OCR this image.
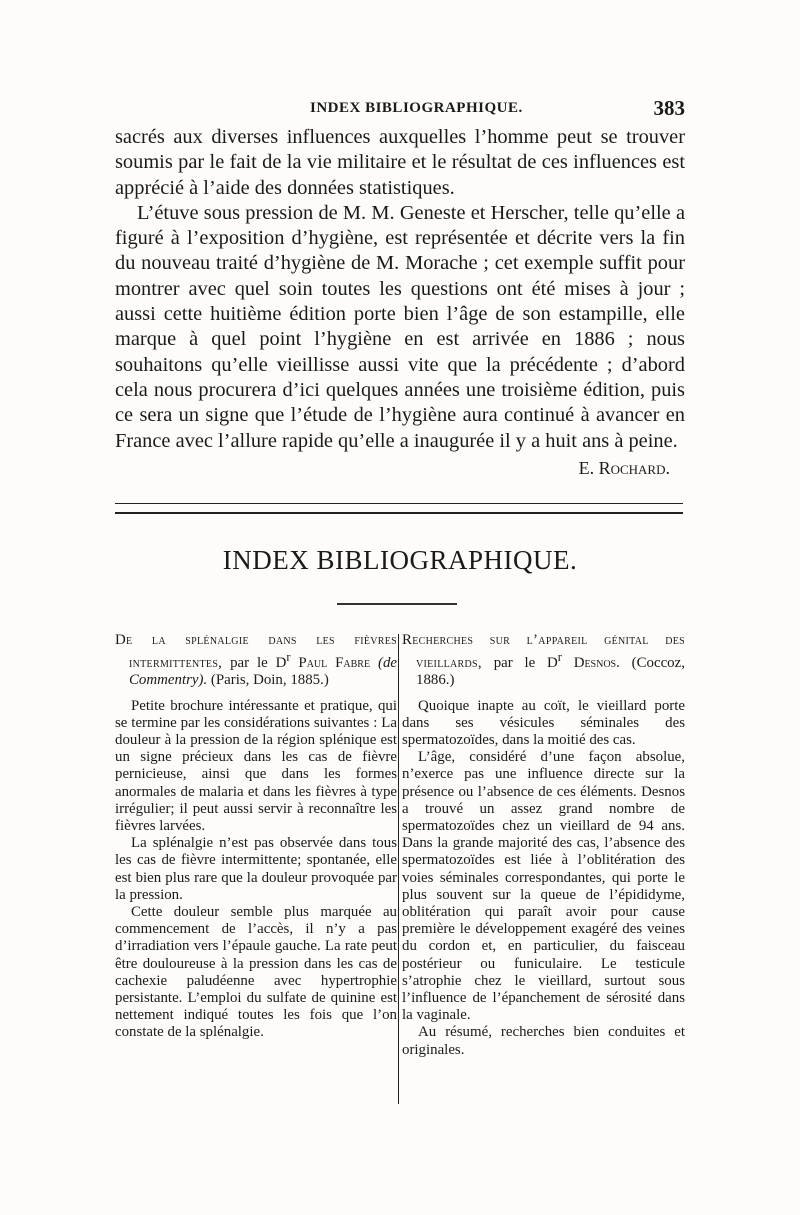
INDEX BIBLIOGRAPHIQUE.	383

sacrés aux diverses influences auxquelles l’homme peut se trouver soumis par le fait de la vie militaire et le résultat de ces influences est apprécié à l’aide des données statistiques.

L’étuve sous pression de M. M. Geneste et Herscher, telle qu’elle a figuré à l’exposition d’hygiène, est représentée et décrite vers la fin du nouveau traité d’hygiène de M. Morache ; cet exemple suffit pour montrer avec quel soin toutes les questions ont été mises à jour ; aussi cette huitième édition porte bien l’âge de son estampille, elle marque à quel point l’hygiène en est arrivée en 1886 ; nous souhaitons qu’elle vieillisse aussi vite que la précédente ; d’abord cela nous procurera d’ici quelques années une troisième édition, puis ce sera un signe que l’étude de l’hygiène aura continué à avancer en France avec l’allure rapide qu’elle a inaugurée il y a huit ans à peine.

E. Rochard.
INDEX BIBLIOGRAPHIQUE.

De la splénalgie dans les fièvres intermittentes, par le $D^r$ Paul Fabre (de Commentry). (Paris, Doin, 1885.)

Petite brochure intéressante et pratique, qui se termine par les considérations suivantes : La douleur à la pression de la région splénique est un signe précieux dans les cas de fièvre pernicieuse, ainsi que dans les formes anormales de malaria et dans les fièvres à type irrégulier; il peut aussi servir à reconnaître les fièvres larvées.

La splénalgie n’est pas observée dans tous les cas de fièvre intermittente; spontanée, elle est bien plus rare que la douleur provoquée par la pression.

Cette douleur semble plus marquée au commencement de l’accès, il n’y a pas d’irradiation vers l’épaule gauche. La rate peut être douloureuse à la pression dans les cas de cachexie paludéenne avec hypertrophie persistante. L’emploi du sulfate de quinine est nettement indiqué toutes les fois que l’on constate de la splénalgie.

Recherches sur l’appareil génital des vieillards, par le $D^r$ Desnos. (Coccoz, 1886.)

Quoique inapte au coït, le vieillard porte dans ses vésicules séminales des spermatozoïdes, dans la moitié des cas.

L’âge, considéré d’une façon absolue, n’exerce pas une influence directe sur la présence ou l’absence de ces éléments. Desnos a trouvé un assez grand nombre de spermatozoïdes chez un vieillard de 94 ans. Dans la grande majorité des cas, l’absence des spermatozoïdes est liée à l’oblitération des voies séminales correspondantes, qui porte le plus souvent sur la queue de l’épididyme, oblitération qui paraît avoir pour cause première le développement exagéré des veines du cordon et, en particulier, du faisceau postérieur ou funiculaire. Le testicule s’atrophie chez le vieillard, surtout sous l’influence de l’épanchement de sérosité dans la vaginale.

Au résumé, recherches bien conduites et originales.
